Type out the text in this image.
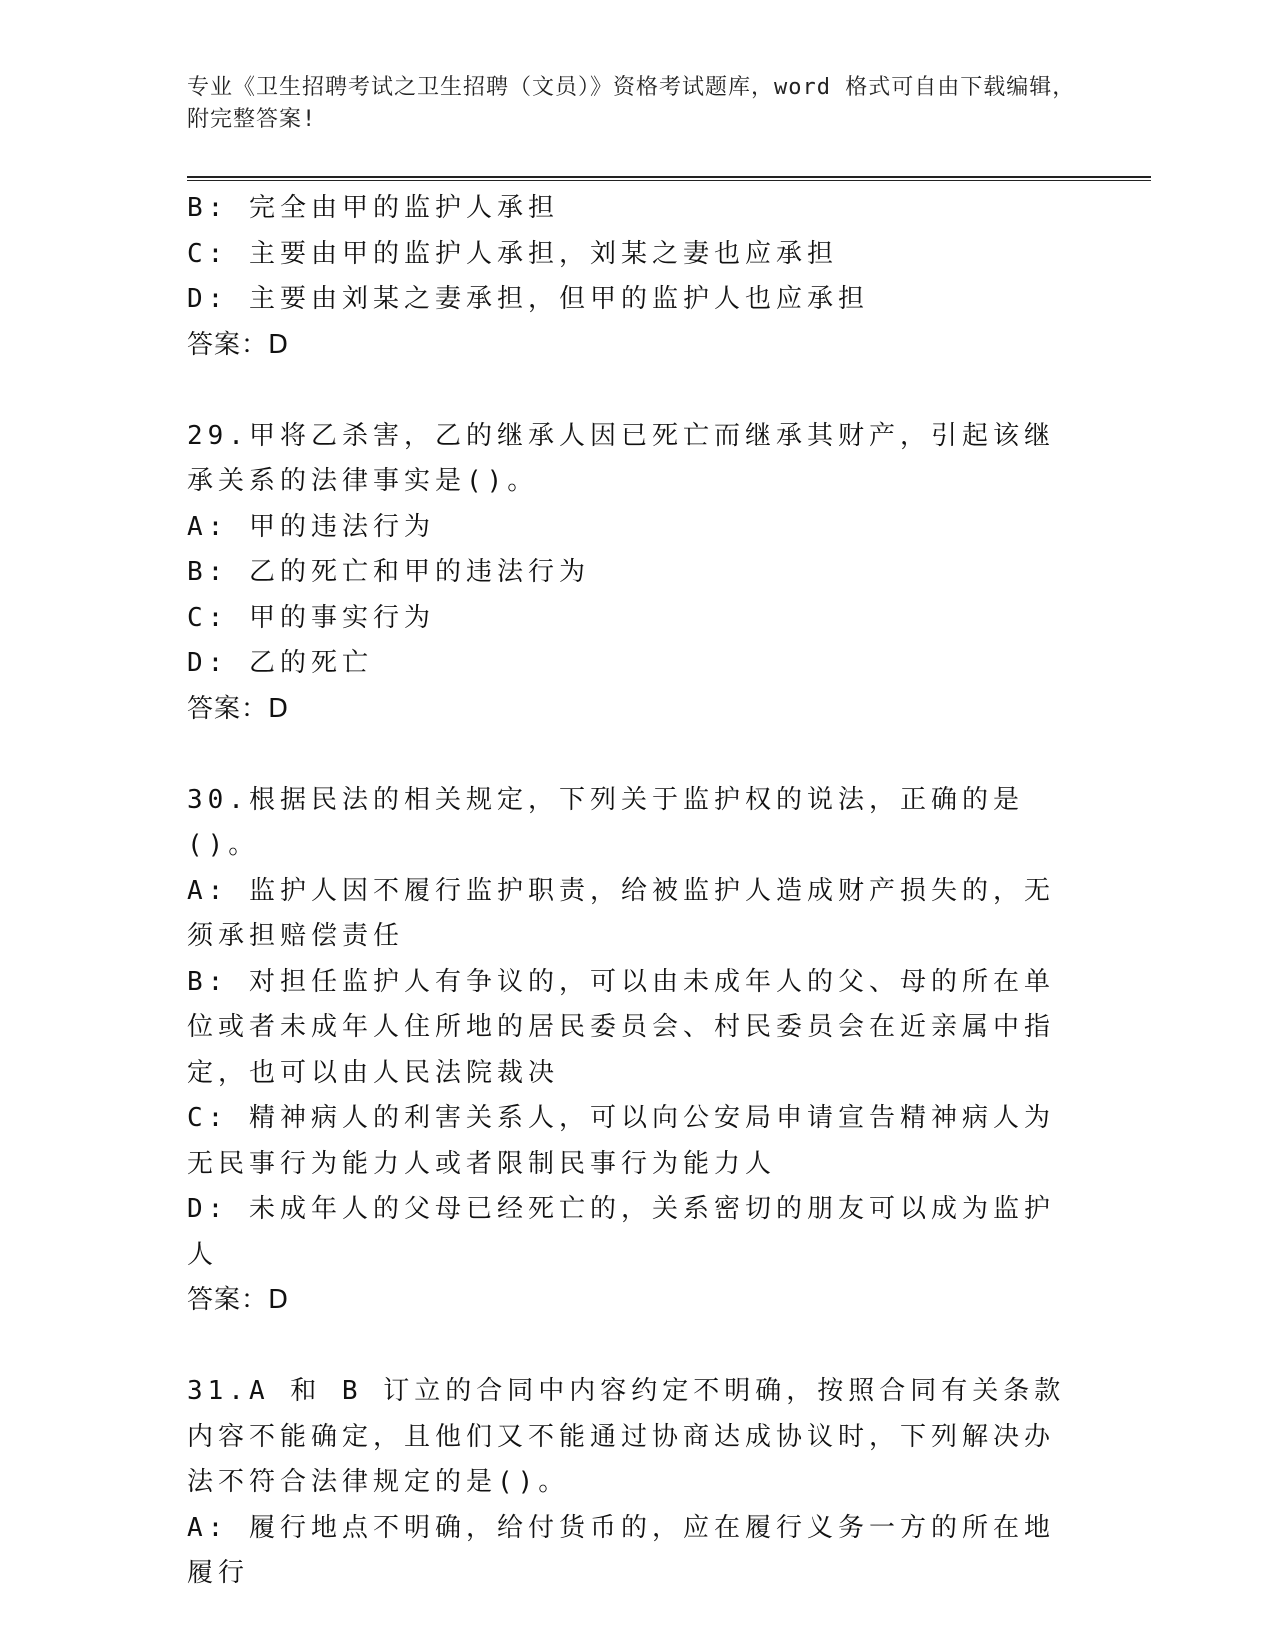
专业《卫生招聘考试之卫生招聘（文员）》资格考试题库，word 格式可自由下载编辑，附完整答案!

B: 完全由甲的监护人承担

C: 主要由甲的监护人承担，刘某之妻也应承担

D: 主要由刘某之妻承担，但甲的监护人也应承担

答案：D

29.甲将乙杀害，乙的继承人因已死亡而继承其财产，引起该继承关系的法律事实是()。

A: 甲的违法行为

B: 乙的死亡和甲的违法行为

C: 甲的事实行为

D: 乙的死亡

答案：D

30.根据民法的相关规定，下列关于监护权的说法，正确的是()。

A: 监护人因不履行监护职责，给被监护人造成财产损失的，无须承担赔偿责任

B: 对担任监护人有争议的，可以由未成年人的父、母的所在单位或者未成年人住所地的居民委员会、村民委员会在近亲属中指定，也可以由人民法院裁决

C: 精神病人的利害关系人，可以向公安局申请宣告精神病人为无民事行为能力人或者限制民事行为能力人

D: 未成年人的父母已经死亡的，关系密切的朋友可以成为监护人

答案：D

31.A 和 B 订立的合同中内容约定不明确，按照合同有关条款内容不能确定，且他们又不能通过协商达成协议时，下列解决办法不符合法律规定的是()。

A: 履行地点不明确，给付货币的，应在履行义务一方的所在地履行
